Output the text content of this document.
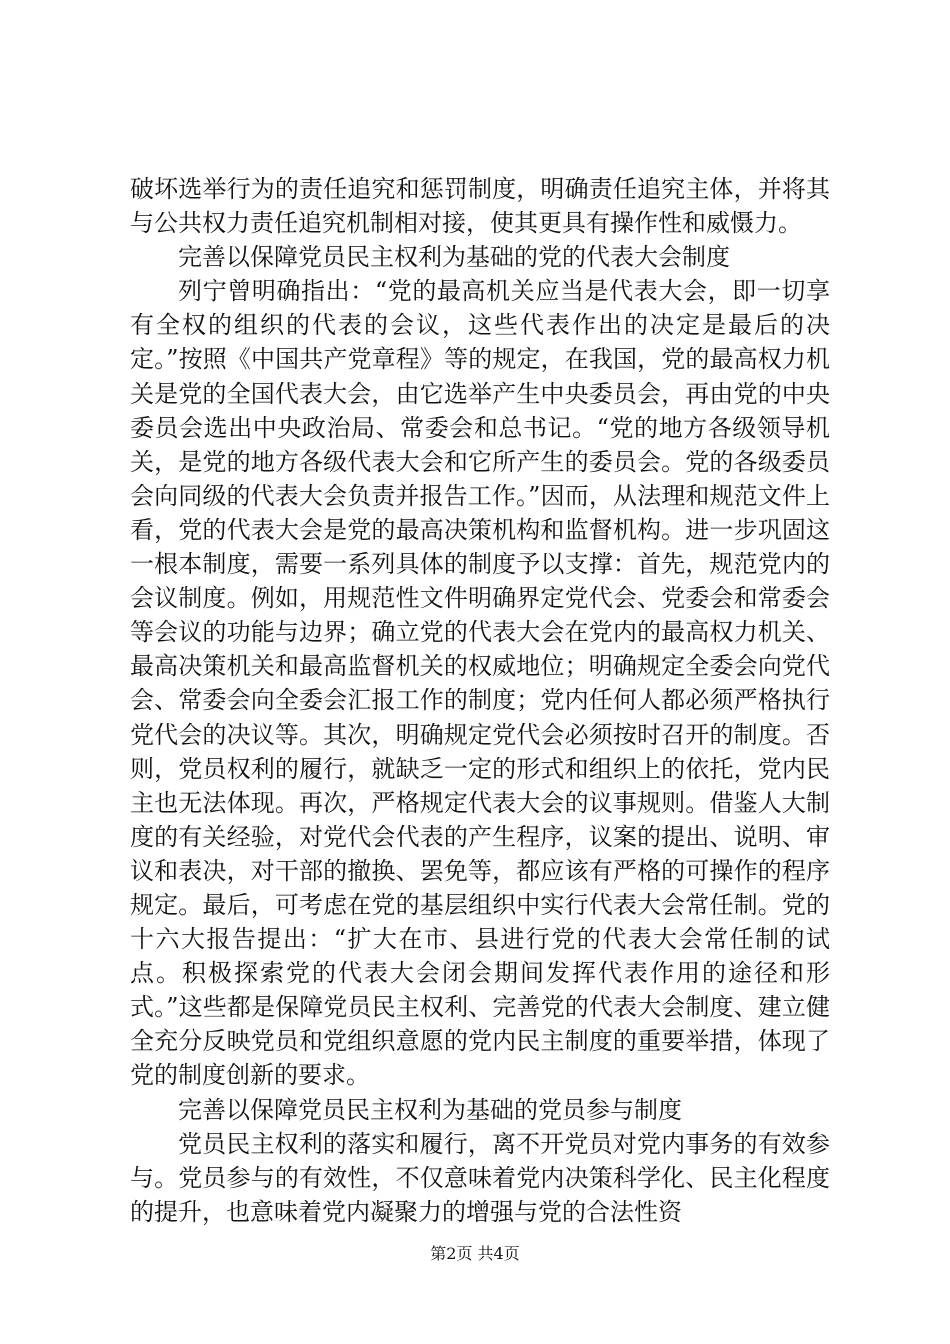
破坏选举行为的责任追究和惩罚制度，明确责任追究主体，并将其与公共权力责任追究机制相对接，使其更具有操作性和威慑力。

完善以保障党员民主权利为基础的党的代表大会制度

列宁曾明确指出：“党的最高机关应当是代表大会，即一切享有全权的组织的代表的会议，这些代表作出的决定是最后的决定。”按照《中国共产党章程》等的规定，在我国，党的最高权力机关是党的全国代表大会，由它选举产生中央委员会，再由党的中央委员会选出中央政治局、常委会和总书记。“党的地方各级领导机关，是党的地方各级代表大会和它所产生的委员会。党的各级委员会向同级的代表大会负责并报告工作。”因而，从法理和规范文件上看，党的代表大会是党的最高决策机构和监督机构。进一步巩固这一根本制度，需要一系列具体的制度予以支撑：首先，规范党内的会议制度。例如，用规范性文件明确界定党代会、党委会和常委会等会议的功能与边界；确立党的代表大会在党内的最高权力机关、最高决策机关和最高监督机关的权威地位；明确规定全委会向党代会、常委会向全委会汇报工作的制度；党内任何人都必须严格执行党代会的决议等。其次，明确规定党代会必须按时召开的制度。否则，党员权利的履行，就缺乏一定的形式和组织上的依托，党内民主也无法体现。再次，严格规定代表大会的议事规则。借鉴人大制度的有关经验，对党代会代表的产生程序，议案的提出、说明、审议和表决，对干部的撤换、罢免等，都应该有严格的可操作的程序规定。最后，可考虑在党的基层组织中实行代表大会常任制。党的十六大报告提出：“扩大在市、县进行党的代表大会常任制的试点。积极探索党的代表大会闭会期间发挥代表作用的途径和形式。”这些都是保障党员民主权利、完善党的代表大会制度、建立健全充分反映党员和党组织意愿的党内民主制度的重要举措，体现了党的制度创新的要求。

完善以保障党员民主权利为基础的党员参与制度

党员民主权利的落实和履行，离不开党员对党内事务的有效参与。党员参与的有效性，不仅意味着党内决策科学化、民主化程度的提升，也意味着党内凝聚力的增强与党的合法性资

第2页 共4页
